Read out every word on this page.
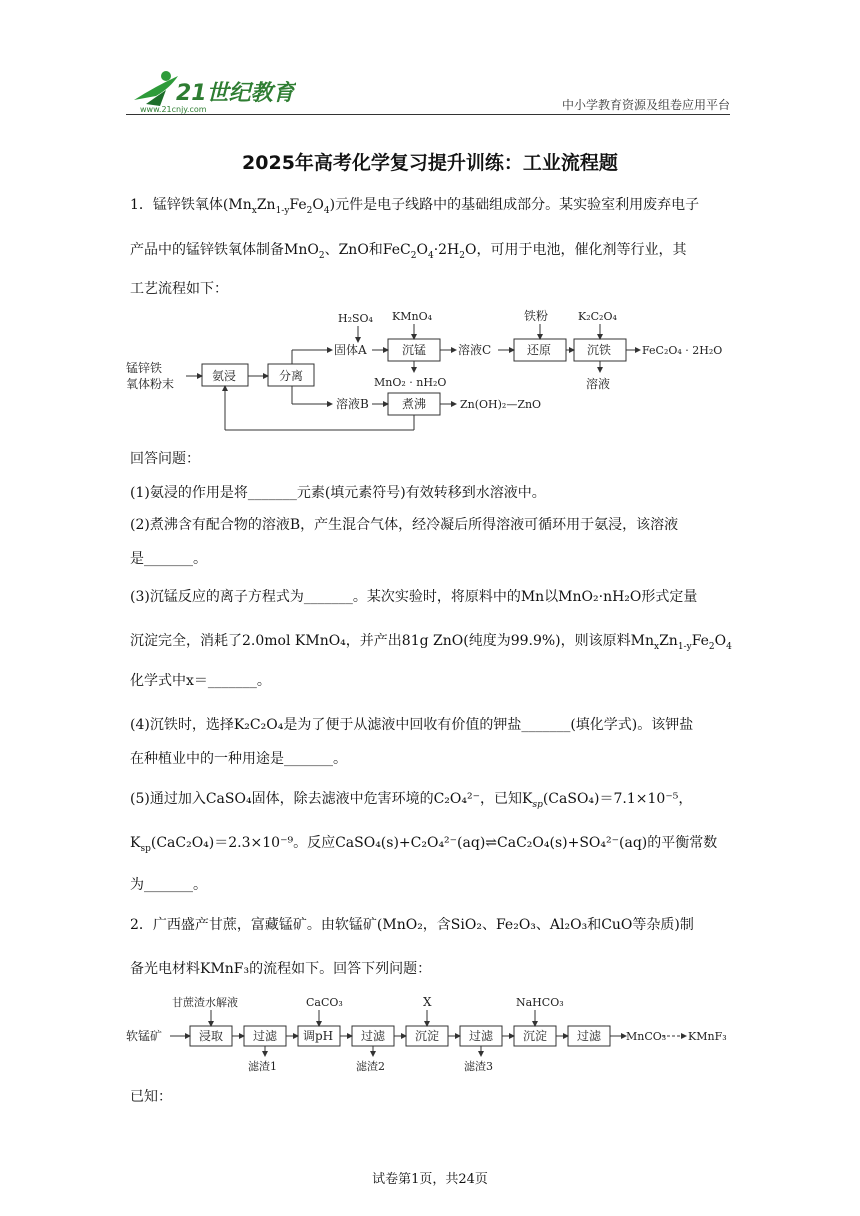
21世纪教育
www.21cnjy.com	中小学教育资源及组卷应用平台
2025年高考化学复习提升训练：工业流程题
1．锰锌铁氧体$(Mn_xZn_{1-y}Fe_2O_4)$元件是电子线路中的基础组成部分。某实验室利用废弃电子
产品中的锰锌铁氧体制备MnO$_2$、ZnO和$FeC_2O_4\cdot 2H_2O$，可用于电池，催化剂等行业，其
工艺流程如下：
锰锌铁
氧体粉末
氨浸	分离
H₂SO₄
固体A
KMnO₄
沉锰
MnO₂ · nH₂O
溶液C
铁粉
还原
K₂C₂O₄
沉铁	FeC₂O₄ · 2H₂O
溶液
溶液B	煮沸	Zn(OH)₂—ZnO
回答问题：
(1)氨浸的作用是将_______元素(填元素符号)有效转移到水溶液中。
(2)煮沸含有配合物的溶液B，产生混合气体，经冷凝后所得溶液可循环用于氨浸，该溶液
是_______。
(3)沉锰反应的离子方程式为_______。某次实验时，将原料中的Mn以MnO₂·nH₂O形式定量
沉淀完全，消耗了2.0mol KMnO₄，并产出81g ZnO(纯度为99.9%)，则该原料$Mn_xZn_{1-y}Fe_2O_4$
化学式中x＝_______。
(4)沉铁时，选择K₂C₂O₄是为了便于从滤液中回收有价值的钾盐_______(填化学式)。该钾盐
在种植业中的一种用途是_______。
(5)通过加入CaSO₄固体，除去滤液中危害环境的C₂O₄²⁻，已知$K_{sp}(CaSO_4)=7.1\times 10^{-5}$，
$K_{sp}(CaC_2O_4)=2.3\times 10^{-9}$。反应CaSO₄(s)+C₂O₄²⁻(aq)⇌CaC₂O₄(s)+SO₄²⁻(aq)的平衡常数
为_______。
2．广西盛产甘蔗，富藏锰矿。由软锰矿(MnO₂，含SiO₂、Fe₂O₃、Al₂O₃和CuO等杂质)制
备光电材料KMnF₃的流程如下。回答下列问题：
软锰矿
甘蔗渣水解液
浸取 过滤
CaCO₃
调pH 过滤
X
沉淀 过滤
NaHCO₃
沉淀 过滤 MnCO₃ KMnF₃
滤渣1	滤渣2	滤渣3
已知：
试卷第1页，共24页
